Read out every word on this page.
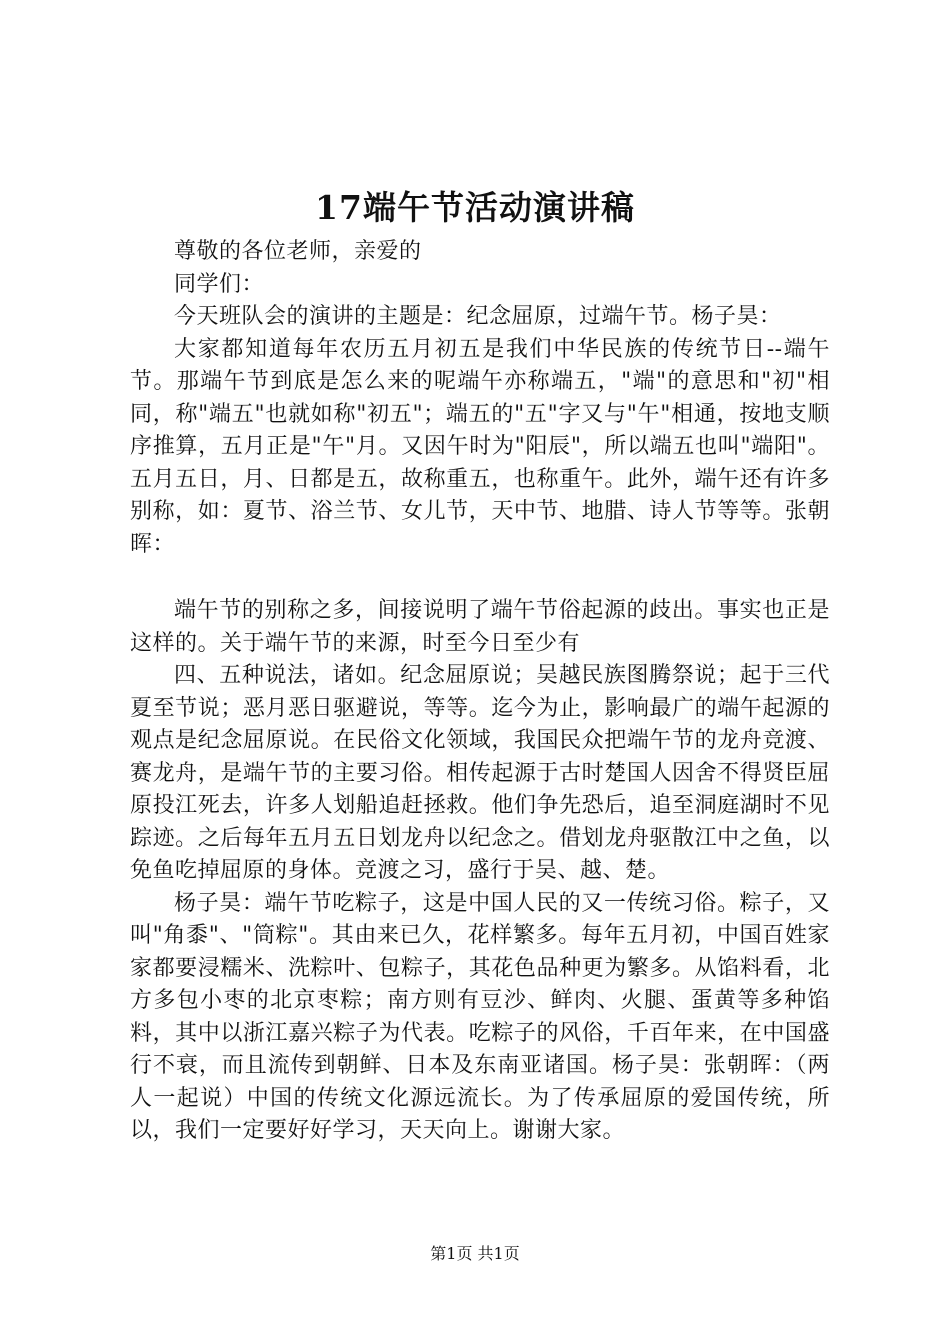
17端午节活动演讲稿

尊敬的各位老师，亲爱的

同学们：

今天班队会的演讲的主题是：纪念屈原，过端午节。杨子昊：

大家都知道每年农历五月初五是我们中华民族的传统节日--端午节。那端午节到底是怎么来的呢端午亦称端五，"端"的意思和"初"相同，称"端五"也就如称"初五"；端五的"五"字又与"午"相通，按地支顺序推算，五月正是"午"月。又因午时为"阳辰"，所以端五也叫"端阳"。五月五日，月、日都是五，故称重五，也称重午。此外，端午还有许多别称，如：夏节、浴兰节、女儿节，天中节、地腊、诗人节等等。张朝晖：

端午节的别称之多，间接说明了端午节俗起源的歧出。事实也正是这样的。关于端午节的来源，时至今日至少有

四、五种说法，诸如。纪念屈原说；吴越民族图腾祭说；起于三代夏至节说；恶月恶日驱避说，等等。迄今为止，影响最广的端午起源的观点是纪念屈原说。在民俗文化领域，我国民众把端午节的龙舟竞渡、赛龙舟，是端午节的主要习俗。相传起源于古时楚国人因舍不得贤臣屈原投江死去，许多人划船追赶拯救。他们争先恐后，追至洞庭湖时不见踪迹。之后每年五月五日划龙舟以纪念之。借划龙舟驱散江中之鱼，以免鱼吃掉屈原的身体。竞渡之习，盛行于吴、越、楚。

杨子昊：端午节吃粽子，这是中国人民的又一传统习俗。粽子，又叫"角黍"、"筒粽"。其由来已久，花样繁多。每年五月初，中国百姓家家都要浸糯米、洗粽叶、包粽子，其花色品种更为繁多。从馅料看，北方多包小枣的北京枣粽；南方则有豆沙、鲜肉、火腿、蛋黄等多种馅料，其中以浙江嘉兴粽子为代表。吃粽子的风俗，千百年来，在中国盛行不衰，而且流传到朝鲜、日本及东南亚诸国。杨子昊：张朝晖：（两人一起说）中国的传统文化源远流长。为了传承屈原的爱国传统，所以，我们一定要好好学习，天天向上。谢谢大家。

第1页 共1页
